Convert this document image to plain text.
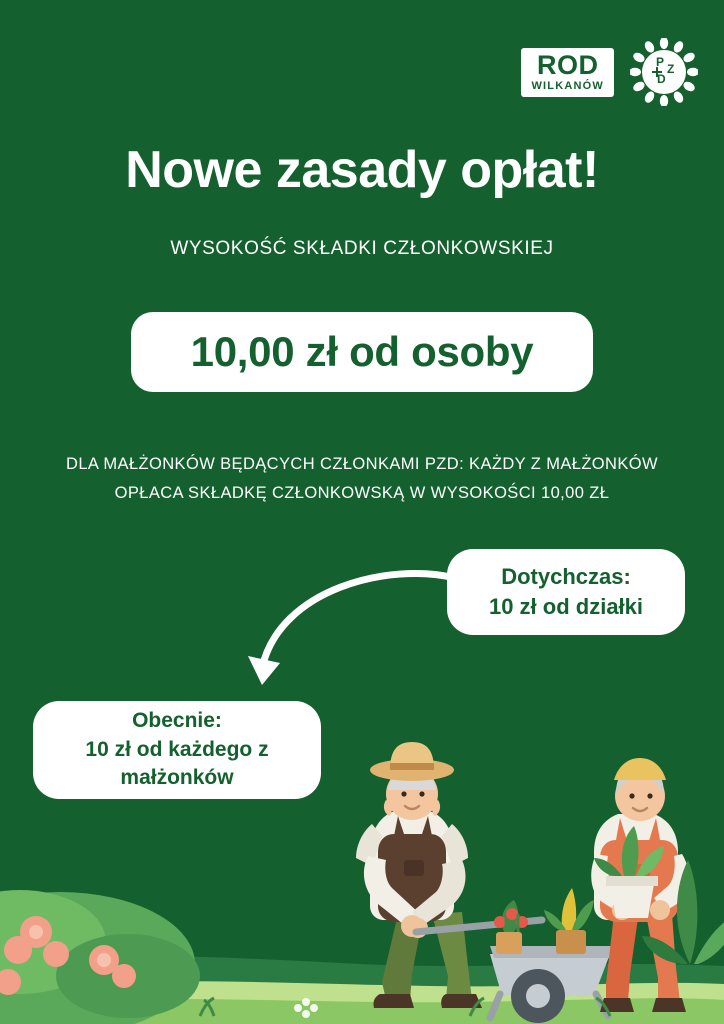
ROD
WILKANÓW
P Z
D
Nowe zasady opłat!
WYSOKOŚĆ SKŁADKI CZŁONKOWSKIEJ
10,00 zł od osoby
DLA MAŁŻONKÓW BĘDĄCYCH CZŁONKAMI PZD: KAŻDY Z MAŁŻONKÓW
OPŁACA SKŁADKĘ CZŁONKOWSKĄ W WYSOKOŚCI 10,00 ZŁ
Dotychczas:
10 zł od działki
Obecnie:
10 zł od każdego z
małżonków
